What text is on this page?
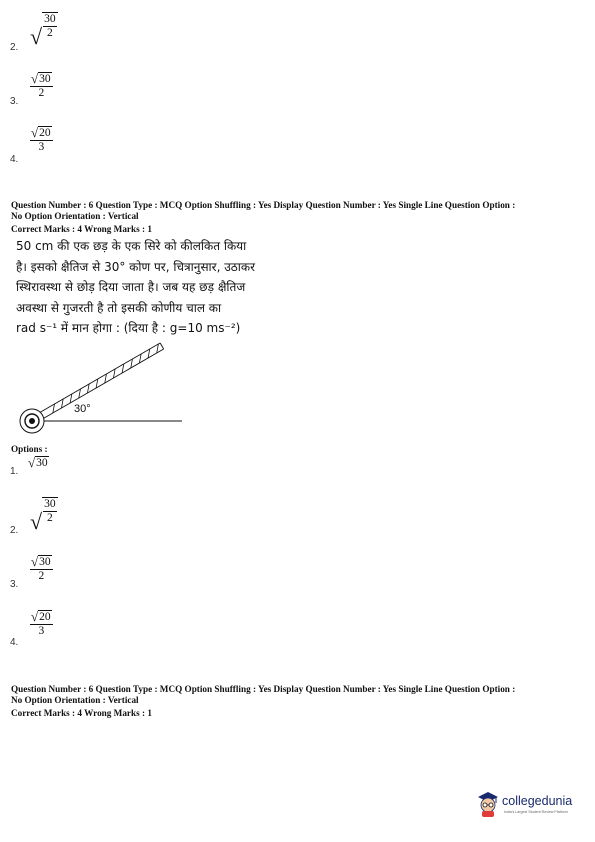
2. √ $\frac{30}{2}$
3.
$\frac{√ 30}{2}$
4.
$\frac{√ 20}{3}$
Question Number : 6 Question Type : MCQ Option Shuffling : Yes Display Question Number : Yes Single Line Question Option :
No Option Orientation : Vertical
Correct Marks : 4 Wrong Marks : 1
50 cm की एक छड़ के एक सिरे को कीलकित किया
है। इसको क्षैतिज से 30° कोण पर, चित्रानुसार, उठाकर
स्थिरावस्था से छोड़ दिया जाता है। जब यह छड़ क्षैतिज
अवस्था से गुजरती है तो इसकी कोणीय चाल का
rad s⁻¹ में मान होगा : (दिया है : g=10 ms⁻²)
30°
Options :
1.
√ 30
2. √ $\frac{30}{2}$
3.
$\frac{√ 30}{2}$
4.
$\frac{√ 20}{3}$
Question Number : 6 Question Type : MCQ Option Shuffling : Yes Display Question Number : Yes Single Line Question Option :
No Option Orientation : Vertical
Correct Marks : 4 Wrong Marks : 1
collegedunia
India's Largest Student Review Platform
